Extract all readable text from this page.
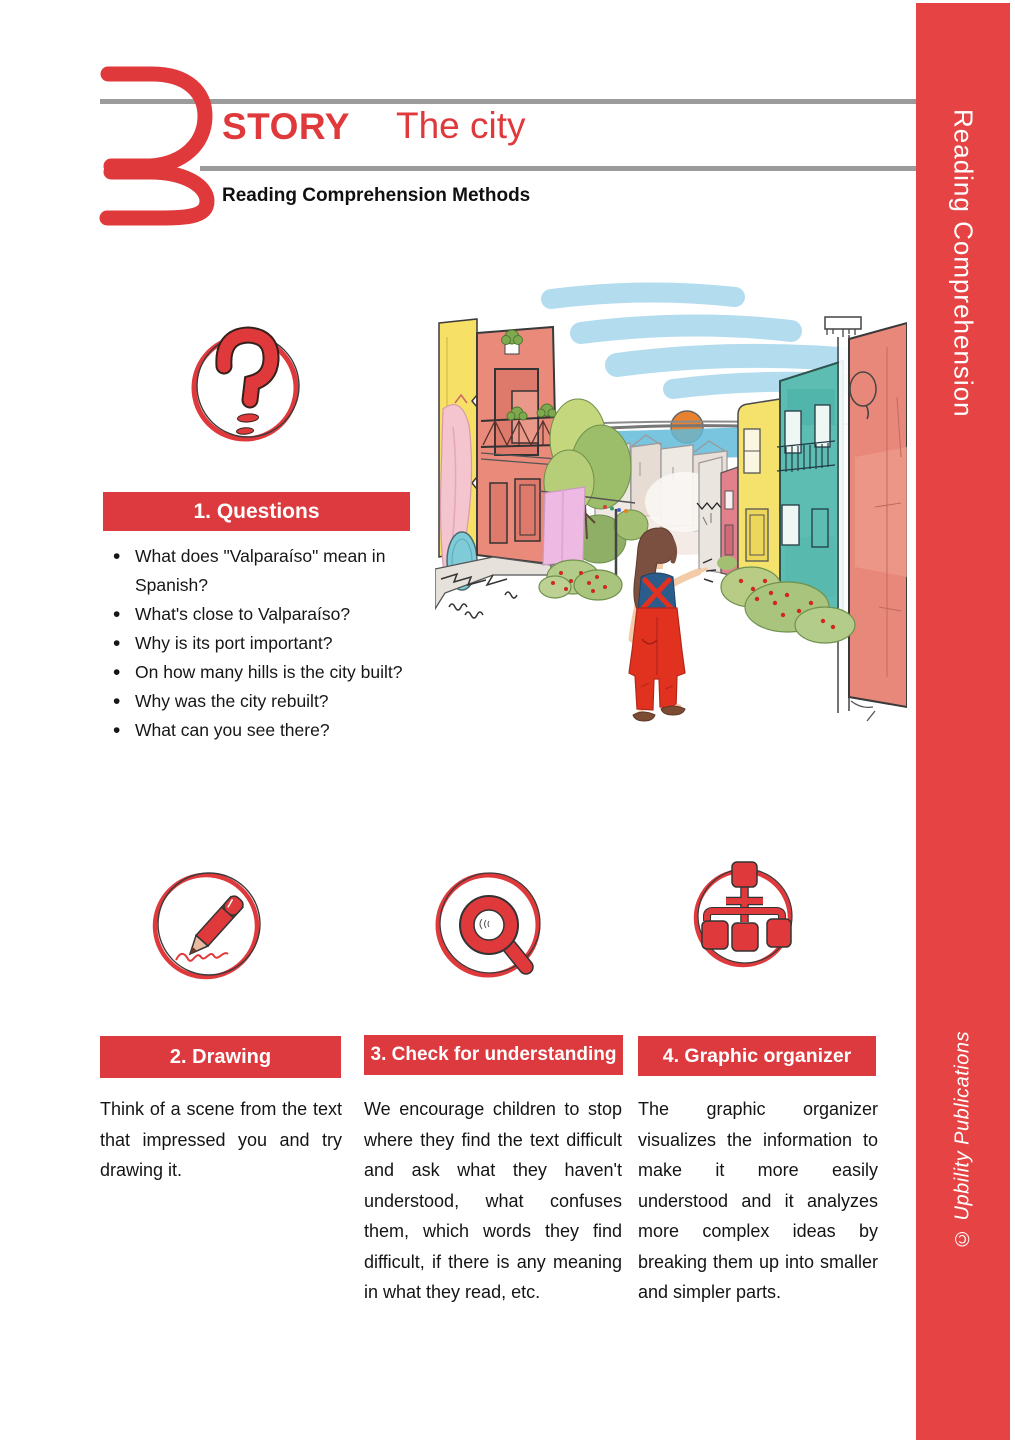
STORY The city
Reading Comprehension Methods
1. Questions
• What does "Valparaíso" mean in Spanish?
• What's close to Valparaíso?
• Why is its port important?
• On how many hills is the city built?
• Why was the city rebuilt?
• What can you see there?
2. Drawing	3. Check for understanding 4. Graphic organizer

Think of a scene from the text that impressed you and try drawing it.

We encourage children to stop where they find the text difficult and ask what they haven't understood, what confuses them, which words they find difficult, if there is any meaning in what they read, etc.

The graphic organizer visualizes the information to make it more easily understood and it analyzes more complex ideas by breaking them up into smaller and simpler parts.

Reading Comprehension
© Upbility Publications
